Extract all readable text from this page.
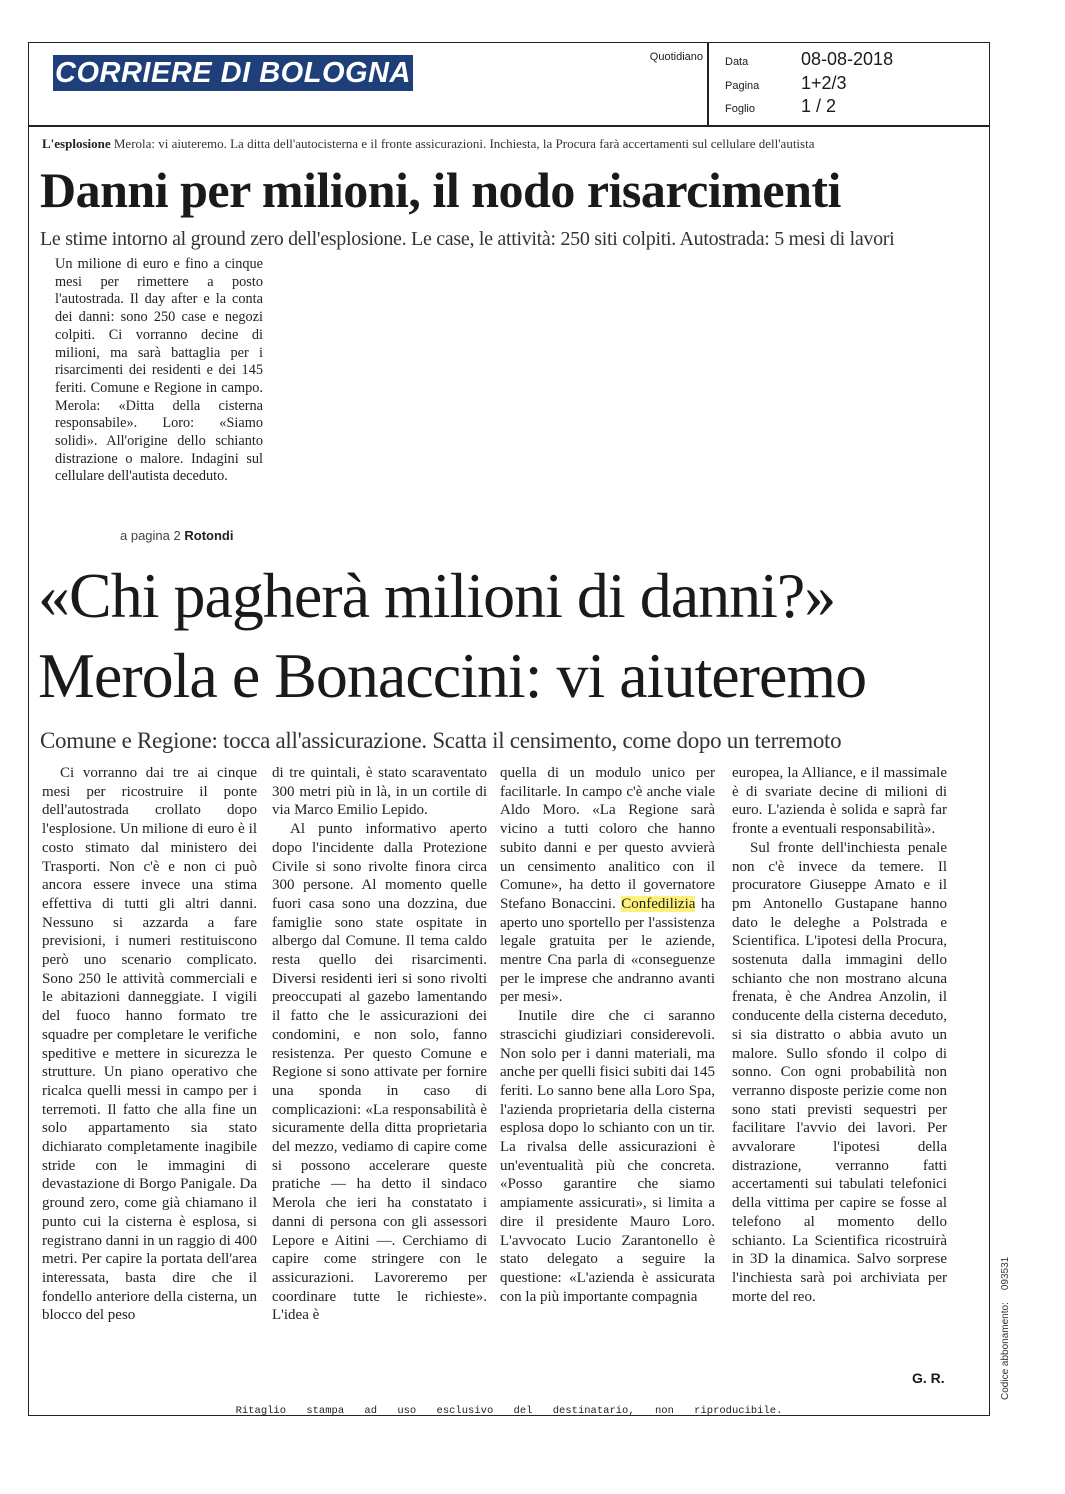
CORRIERE DI BOLOGNA	Quotidiano Data	08-08-2018
Pagina 1+2/3
Foglio	1 / 2
L'esplosione Merola: vi aiuteremo. La ditta dell'autocisterna e il fronte assicurazioni. Inchiesta, la Procura farà accertamenti sul cellulare dell'autista
Danni per milioni, il nodo risarcimenti
Le stime intorno al ground zero dell'esplosione. Le case, le attività: 250 siti colpiti. Autostrada: 5 mesi di lavori
Un milione di euro e fino a cinque mesi per rimettere a posto l'autostrada. Il day after e la conta dei danni: sono 250 case e negozi colpiti. Ci vorranno decine di milioni, ma sarà battaglia per i risarcimenti dei residenti e dei 145 feriti. Comune e Regione in campo. Merola: «Ditta della cisterna responsabile». Loro: «Siamo solidi». All'origine dello schianto distrazione o malore. Indagini sul cellulare dell'autista deceduto.
a pagina 2 Rotondi
«Chi pagherà milioni di danni?»
Merola e Bonaccini: vi aiuteremo
Comune e Regione: tocca all'assicurazione. Scatta il censimento, come dopo un terremoto
Ci vorranno dai tre ai cinque mesi per ricostruire il ponte dell'autostrada crollato dopo l'esplosione. Un milione di euro è il costo stimato dal ministero dei Trasporti. Non c'è e non ci può ancora essere invece una stima effettiva di tutti gli altri danni. Nessuno si azzarda a fare previsioni, i numeri restituiscono però uno scenario complicato. Sono 250 le attività commerciali e le abitazioni danneggiate. I vigili del fuoco hanno formato tre squadre per completare le verifiche speditive e mettere in sicurezza le strutture. Un piano operativo che ricalca quelli messi in campo per i terremoti. Il fatto che alla fine un solo appartamento sia stato dichiarato completamente inagibile stride con le immagini di devastazione di Borgo Panigale. Da ground zero, come già chiamano il punto cui la cisterna è esplosa, si registrano danni in un raggio di 400 metri. Per capire la portata dell'area interessata, basta dire che il fondello anteriore della cisterna, un blocco del peso

di tre quintali, è stato scaraventato 300 metri più in là, in un cortile di via Marco Emilio Lepido.

Al punto informativo aperto dopo l'incidente dalla Protezione Civile si sono rivolte finora circa 300 persone. Al momento quelle fuori casa sono una dozzina, due famiglie sono state ospitate in albergo dal Comune. Il tema caldo resta quello dei risarcimenti. Diversi residenti ieri si sono rivolti preoccupati al gazebo lamentando il fatto che le assicurazioni dei condomini, e non solo, fanno resistenza. Per questo Comune e Regione si sono attivate per fornire una sponda in caso di complicazioni: «La responsabilità è sicuramente della ditta proprietaria del mezzo, vediamo di capire come si possono accelerare queste pratiche — ha detto il sindaco Merola che ieri ha constatato i danni di persona con gli assessori Lepore e Aitini —. Cerchiamo di capire come stringere con le assicurazioni. Lavoreremo per coordinare tutte le richieste». L'idea è

quella di un modulo unico per facilitarle. In campo c'è anche viale Aldo Moro. «La Regione sarà vicino a tutti coloro che hanno subito danni e per questo avvierà un censimento analitico con il Comune», ha detto il governatore Stefano Bonaccini. Confedilizia ha aperto uno sportello per l'assistenza legale gratuita per le aziende, mentre Cna parla di «conseguenze per le imprese che andranno avanti per mesi».

Inutile dire che ci saranno strascichi giudiziari considerevoli. Non solo per i danni materiali, ma anche per quelli fisici subiti dai 145 feriti. Lo sanno bene alla Loro Spa, l'azienda proprietaria della cisterna esplosa dopo lo schianto con un tir. La rivalsa delle assicurazioni è un'eventualità più che concreta. «Posso garantire che siamo ampiamente assicurati», si limita a dire il presidente Mauro Loro. L'avvocato Lucio Zarantonello è stato delegato a seguire la questione: «L'azienda è assicurata con la più importante compagnia

europea, la Alliance, e il massimale è di svariate decine di milioni di euro. L'azienda è solida e saprà far fronte a eventuali responsabilità».

Sul fronte dell'inchiesta penale non c'è invece da temere. Il procuratore Giuseppe Amato e il pm Antonello Gustapane hanno dato le deleghe a Polstrada e Scientifica. L'ipotesi della Procura, sostenuta dalla immagini dello schianto che non mostrano alcuna frenata, è che Andrea Anzolin, il conducente della cisterna deceduto, si sia distratto o abbia avuto un malore. Sullo sfondo il colpo di sonno. Con ogni probabilità non verranno disposte perizie come non sono stati previsti sequestri per facilitare l'avvio dei lavori. Per avvalorare l'ipotesi della distrazione, verranno fatti accertamenti sui tabulati telefonici della vittima per capire se fosse al telefono al momento dello schianto. La Scientifica ricostruirà in 3D la dinamica. Salvo sorprese l'inchiesta sarà poi archiviata per morte del reo.

G. R.
Ritaglio stampa ad uso esclusivo del destinatario, non riproducibile.
Codice abbonamento:093531
